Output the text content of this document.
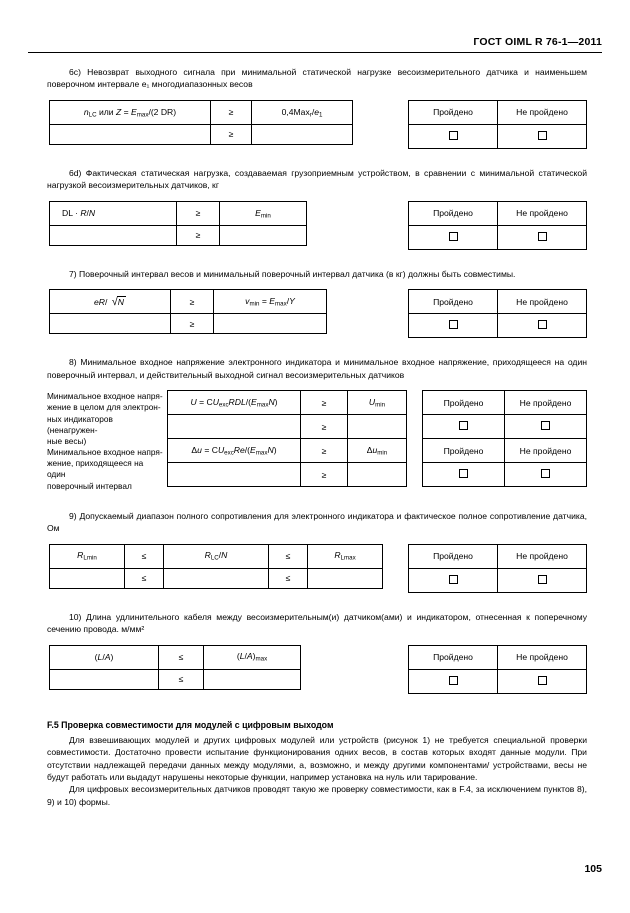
ГОСТ OIML R 76-1—2011

6с) Невозврат выходного сигнала при минимальной статической нагрузке весоизмерительного датчика и наименьшем поверочном интервале e₁ многодиапазонных весов

$n_{LC}$ или $Z = E_{max}/(2$ DR)	≥	$0,4Max_r/e_1$
	≥	
Пройдено	Не пройдено

6d) Фактическая статическая нагрузка, создаваемая грузоприемным устройством, в сравнении с минимальной статической нагрузкой весоизмерительных датчиков, кг

DL · R/N	≥	$E_{min}$
	≥	
Пройдено	Не пройдено

7) Поверочный интервал весов и минимальный поверочный интервал датчика (в кг) должны быть совместимы.

eR/ √N	≥	$v_{min} = E_{max}/Y$
	≥	
Пройдено	Не пройдено

8) Минимальное входное напряжение электронного индикатора и минимальное входное напряжение, приходящееся на один поверочный интервал, и действительный выходной сигнал весоизмерительных датчиков

Минимальное входное напря-
жение в целом для электрон-
ных индикаторов (ненагружен-
ные весы)
Минимальное входное напря-
жение, приходящееся на один
поверочный интервал
$U = CU_{exc}RDL/(E_{max}N)$	≥	$U_{min}$
	≥	
$\Delta u = CU_{exc}Re/(E_{max}N)$	≥	$\Delta u_{min}$
	≥	
Пройдено	Не пройдено

Пройдено	Не пройдено

9) Допускаемый диапазон полного сопротивления для электронного индикатора и фактическое полное сопротивление датчика, Ом

$R_{Lmin}$	≤	$R_{LC}/N$	≤	$R_{Lmax}$
	≤		≤	
Пройдено	Не пройдено

10) Длина удлинительного кабеля между весоизмерительным(и) датчиком(ами) и индикатором, отнесенная к поперечному сечению провода. м/мм²

(L/A)	≤	$(L/A)_{max}$
	≤	
Пройдено	Не пройдено

F.5 Проверка совместимости для модулей с цифровым выходом

Для взвешивающих модулей и других цифровых модулей или устройств (рисунок 1) не требуется специальной проверки совместимости. Достаточно провести испытание функционирования одних весов, в состав которых входят данные модули. При отсутствии надлежащей передачи данных между модулями, а, возможно, и между другими компонентами/ устройствами, весы не будут работать или выдадут нарушены некоторые функции, например установка на нуль или тарирование.

Для цифровых весоизмерительных датчиков проводят такую же проверку совместимости, как в F.4, за исключением пунктов 8), 9) и 10) формы.

105
